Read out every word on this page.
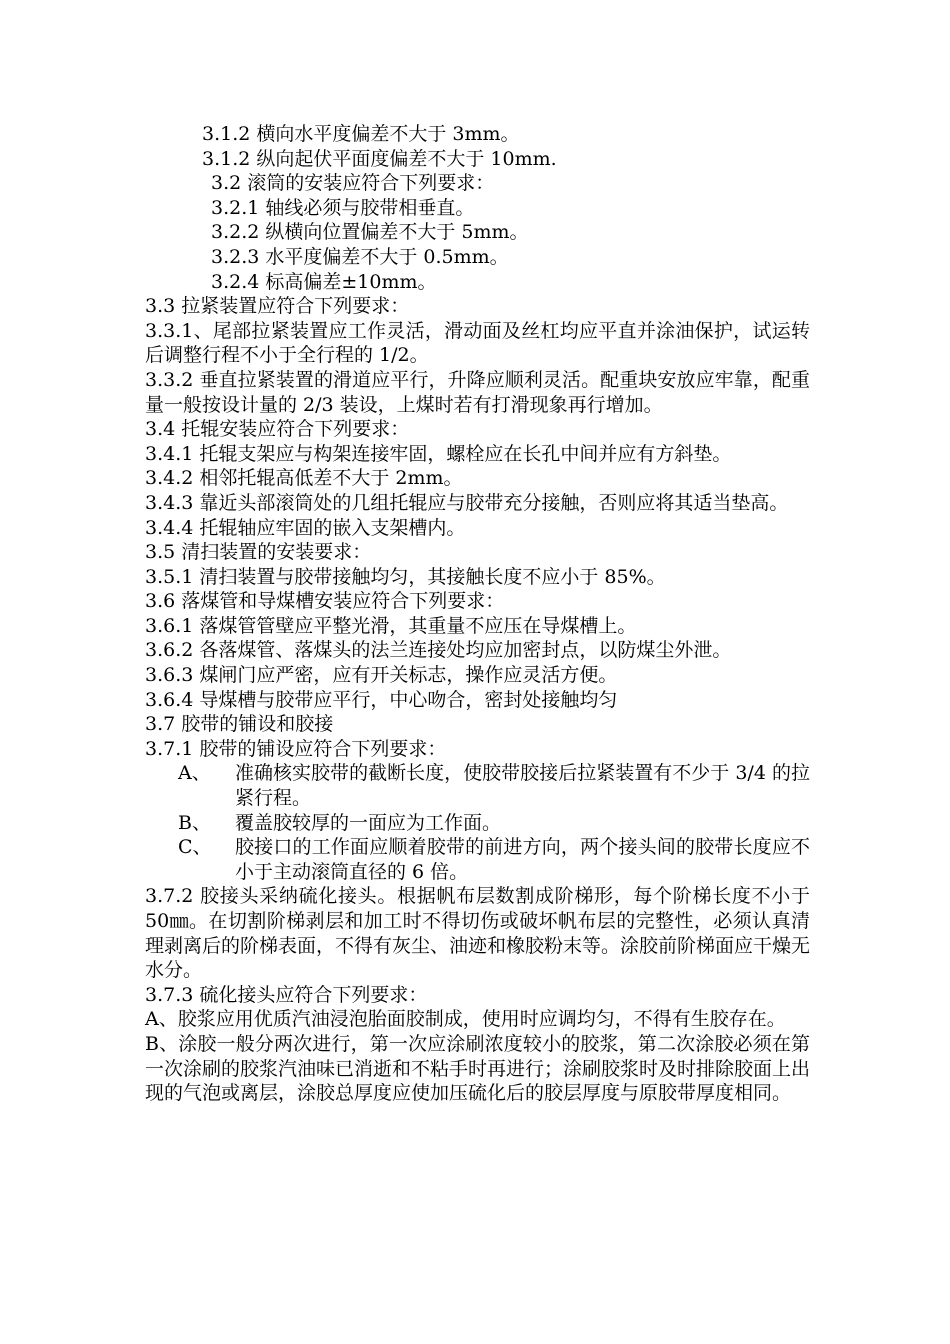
3.1.2 横向水平度偏差不大于 3mm。
3.1.2 纵向起伏平面度偏差不大于 10mm.
3.2 滚筒的安装应符合下列要求：
3.2.1 轴线必须与胶带相垂直。
3.2.2 纵横向位置偏差不大于 5mm。
3.2.3 水平度偏差不大于 0.5mm。
3.2.4 标高偏差±10mm。
3.3 拉紧装置应符合下列要求：
3.3.1、尾部拉紧装置应工作灵活，滑动面及丝杠均应平直并涂油保护，试运转后调整行程不小于全行程的 1/2。
3.3.2 垂直拉紧装置的滑道应平行，升降应顺利灵活。配重块安放应牢靠，配重量一般按设计量的 2/3 装设，上煤时若有打滑现象再行增加。
3.4 托辊安装应符合下列要求：
3.4.1 托辊支架应与构架连接牢固，螺栓应在长孔中间并应有方斜垫。
3.4.2 相邻托辊高低差不大于 2mm。
3.4.3 靠近头部滚筒处的几组托辊应与胶带充分接触，否则应将其适当垫高。
3.4.4 托辊轴应牢固的嵌入支架槽内。
3.5 清扫装置的安装要求：
3.5.1 清扫装置与胶带接触均匀，其接触长度不应小于 85%。
3.6 落煤管和导煤槽安装应符合下列要求：
3.6.1 落煤管管壁应平整光滑，其重量不应压在导煤槽上。
3.6.2 各落煤管、落煤头的法兰连接处均应加密封点，以防煤尘外泄。
3.6.3 煤闸门应严密，应有开关标志，操作应灵活方便。
3.6.4 导煤槽与胶带应平行，中心吻合，密封处接触均匀
3.7 胶带的铺设和胶接
3.7.1 胶带的铺设应符合下列要求：
A、 准确核实胶带的截断长度，使胶带胶接后拉紧装置有不少于 3/4 的拉紧行程。
B、 覆盖胶较厚的一面应为工作面。
C、 胶接口的工作面应顺着胶带的前进方向，两个接头间的胶带长度应不小于主动滚筒直径的 6 倍。
3.7.2 胶接头采纳硫化接头。根据帆布层数割成阶梯形，每个阶梯长度不小于 50㎜。在切割阶梯剥层和加工时不得切伤或破坏帆布层的完整性，必须认真清理剥离后的阶梯表面，不得有灰尘、油迹和橡胶粉末等。涂胶前阶梯面应干燥无水分。
3.7.3 硫化接头应符合下列要求：
A、胶浆应用优质汽油浸泡胎面胶制成，使用时应调均匀，不得有生胶存在。
B、涂胶一般分两次进行，第一次应涂刷浓度较小的胶浆，第二次涂胶必须在第一次涂刷的胶浆汽油味已消逝和不粘手时再进行；涂刷胶浆时及时排除胶面上出现的气泡或离层，涂胶总厚度应使加压硫化后的胶层厚度与原胶带厚度相同。
